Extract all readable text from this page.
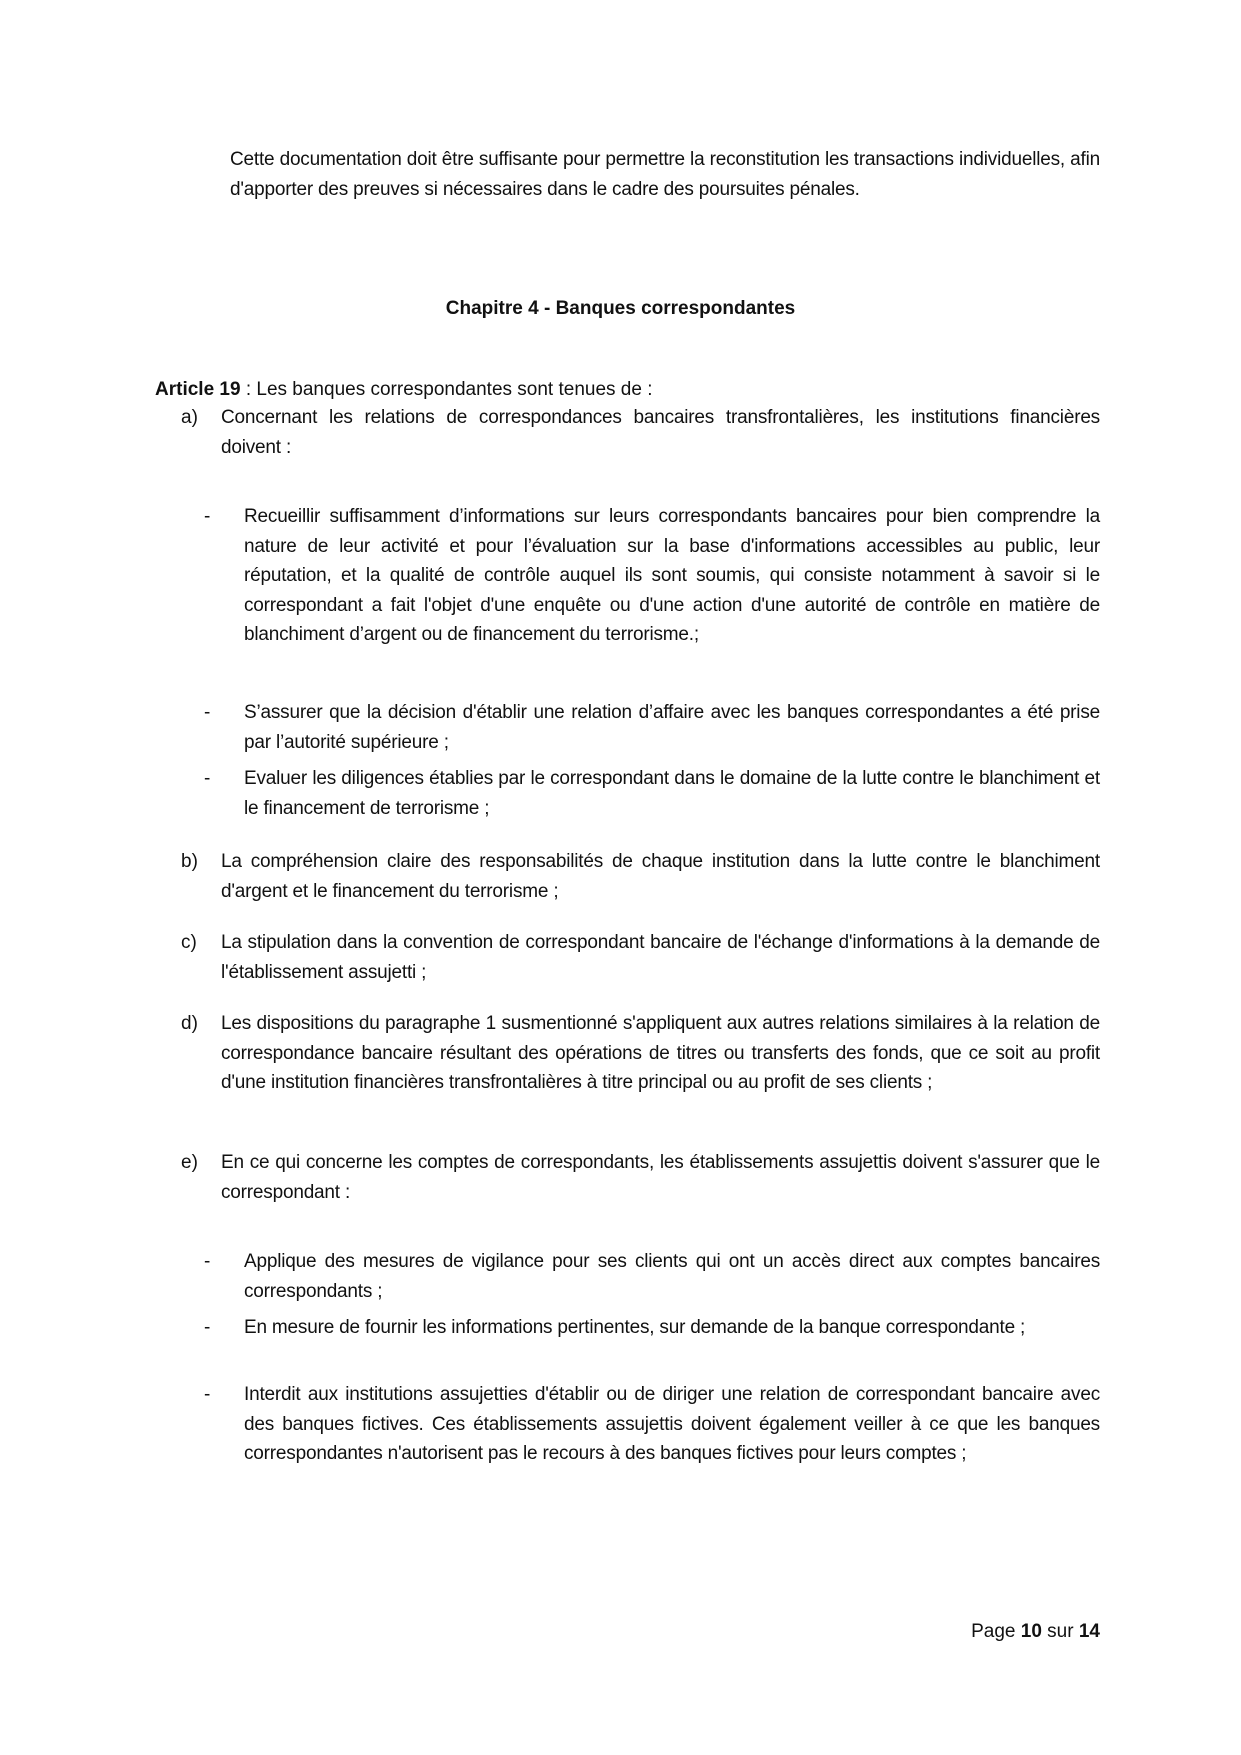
Cette documentation doit être suffisante pour permettre la reconstitution les transactions individuelles, afin d'apporter des preuves si nécessaires dans le cadre des poursuites pénales.
Chapitre 4 - Banques correspondantes
Article 19 : Les banques correspondantes sont tenues de :
a) Concernant les relations de correspondances bancaires transfrontalières, les institutions financières doivent :
- Recueillir suffisamment d’informations sur leurs correspondants bancaires pour bien comprendre la nature de leur activité et pour l’évaluation sur la base d'informations accessibles au public, leur réputation, et la qualité de contrôle auquel ils sont soumis, qui consiste notamment à savoir si le correspondant a fait l'objet d'une enquête ou d'une action d'une autorité de contrôle en matière de blanchiment d’argent ou de financement du terrorisme.;
- S’assurer que la décision d'établir une relation d’affaire avec les banques correspondantes a été prise par l’autorité supérieure ;
- Evaluer les diligences établies par le correspondant dans le domaine de la lutte contre le blanchiment et le financement de terrorisme ;
b) La compréhension claire des responsabilités de chaque institution dans la lutte contre le blanchiment d'argent et le financement du terrorisme ;
c) La stipulation dans la convention de correspondant bancaire de l'échange d'informations à la demande de l'établissement assujetti ;
d) Les dispositions du paragraphe 1 susmentionné s'appliquent aux autres relations similaires à la relation de correspondance bancaire résultant des opérations de titres ou transferts des fonds, que ce soit au profit d'une institution financières transfrontalières à titre principal ou au profit de ses clients ;
e) En ce qui concerne les comptes de correspondants, les établissements assujettis doivent s'assurer que le correspondant :
- Applique des mesures de vigilance pour ses clients qui ont un accès direct aux comptes bancaires correspondants ;
- En mesure de fournir les informations pertinentes, sur demande de la banque correspondante ;
- Interdit aux institutions assujetties d'établir ou de diriger une relation de correspondant bancaire avec des banques fictives. Ces établissements assujettis doivent également veiller à ce que les banques correspondantes n'autorisent pas le recours à des banques fictives pour leurs comptes ;
Page 10 sur 14
